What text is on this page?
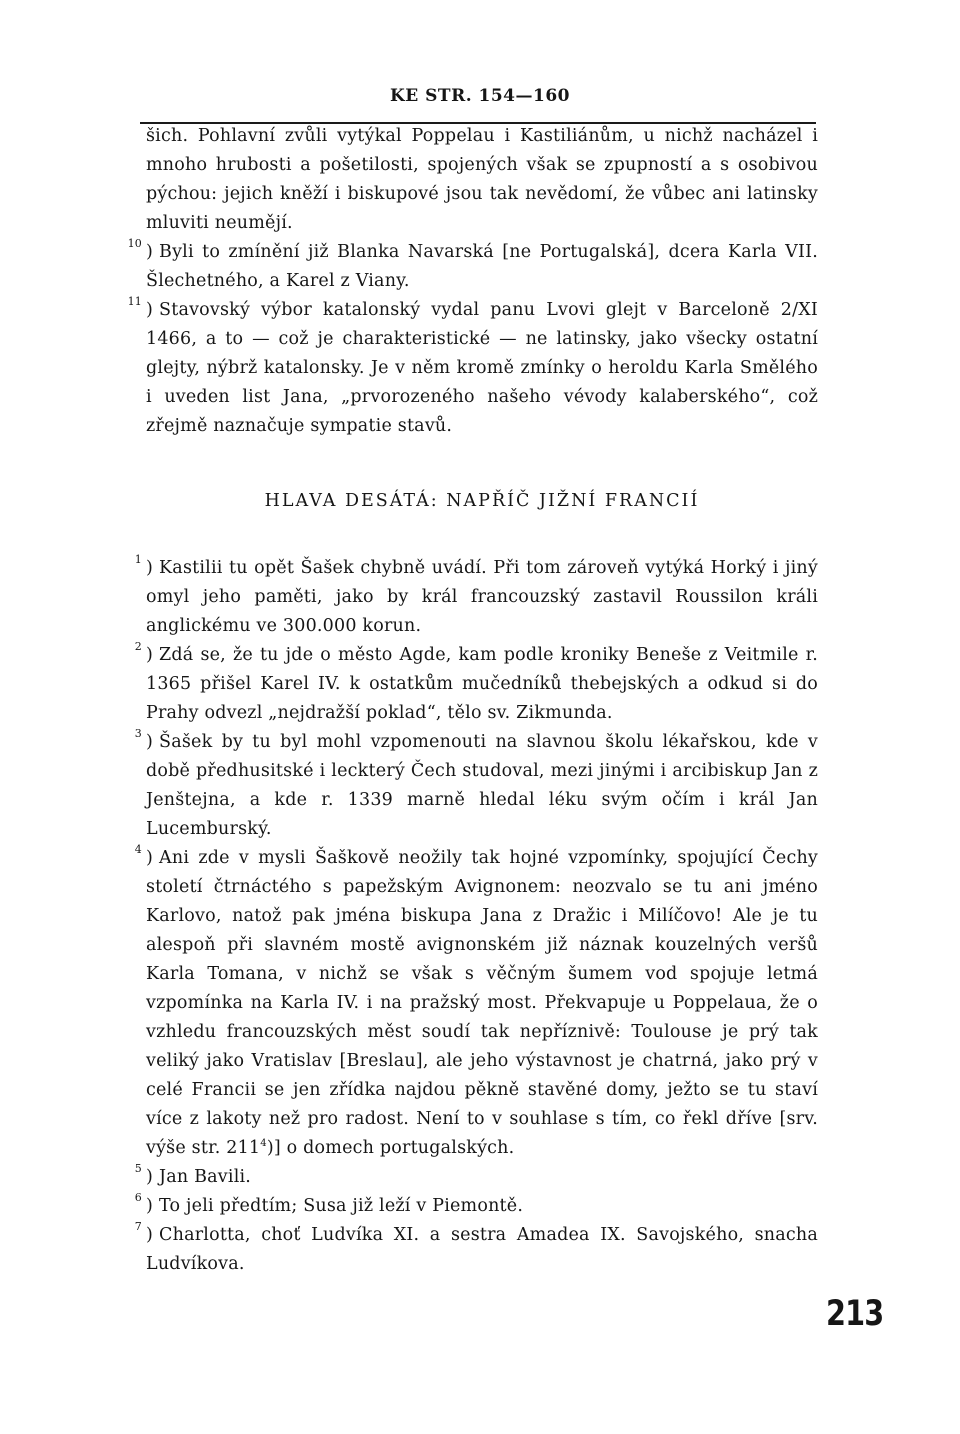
KE STR. 154—160

šich. Pohlavní zvůli vytýkal Poppelau i Kastiliánům, u nichž nacházel i mnoho hrubosti a pošetilosti, spojených však se zpupností a s osobivou pýchou: jejich kněží i biskupové jsou tak nevědomí, že vůbec ani latinsky mluviti neumějí.

10 ) Byli to zmínění již Blanka Navarská [ne Portugalská], dcera Karla VII. Šlechetného, a Karel z Viany.

11 ) Stavovský výbor katalonský vydal panu Lvovi glejt v Barceloně 2/XI 1466, a to — což je charakteristické — ne latinsky, jako všecky ostatní glejty, nýbrž katalonsky. Je v něm kromě zmínky o heroldu Karla Smělého i uveden list Jana, „prvorozeného našeho vévody kalaberského“, což zřejmě naznačuje sympatie stavů.

HLAVA DESÁTÁ: NAPŘÍČ JIŽNÍ FRANCIÍ

1 ) Kastilii tu opět Šašek chybně uvádí. Při tom zároveň vytýká Horký i jiný omyl jeho paměti, jako by král francouzský zastavil Roussilon králi anglickému ve 300.000 korun.

2 ) Zdá se, že tu jde o město Agde, kam podle kroniky Beneše z Veitmile r. 1365 přišel Karel IV. k ostatkům mučedníků thebejských a odkud si do Prahy odvezl „nejdražší poklad“, tělo sv. Zikmunda.

3 ) Šašek by tu byl mohl vzpomenouti na slavnou školu lékařskou, kde v době předhusitské i leckterý Čech studoval, mezi jinými i arcibiskup Jan z Jenštejna, a kde r. 1339 marně hledal léku svým očím i král Jan Lucemburský.

4 ) Ani zde v mysli Šaškově neožily tak hojné vzpomínky, spojující Čechy století čtrnáctého s papežským Avignonem: neozvalo se tu ani jméno Karlovo, natož pak jména biskupa Jana z Dražic i Milíčovo! Ale je tu alespoň při slavném mostě avignonském již náznak kouzelných veršů Karla Tomana, v nichž se však s věčným šumem vod spojuje letmá vzpomínka na Karla IV. i na pražský most. Překvapuje u Poppelaua, že o vzhledu francouzských měst soudí tak nepříznivě: Toulouse je prý tak veliký jako Vratislav [Breslau], ale jeho výstavnost je chatrná, jako prý v celé Francii se jen zřídka najdou pěkně stavěné domy, ježto se tu staví více z lakoty než pro radost. Není to v souhlase s tím, co řekl dříve [srv. výše str. $211^4$)] o domech portugalských.

5 ) Jan Bavili.

6 ) To jeli předtím; Susa již leží v Piemontě.

7 ) Charlotta, choť Ludvíka XI. a sestra Amadea IX. Savojského, snacha Ludvíkova.

213
